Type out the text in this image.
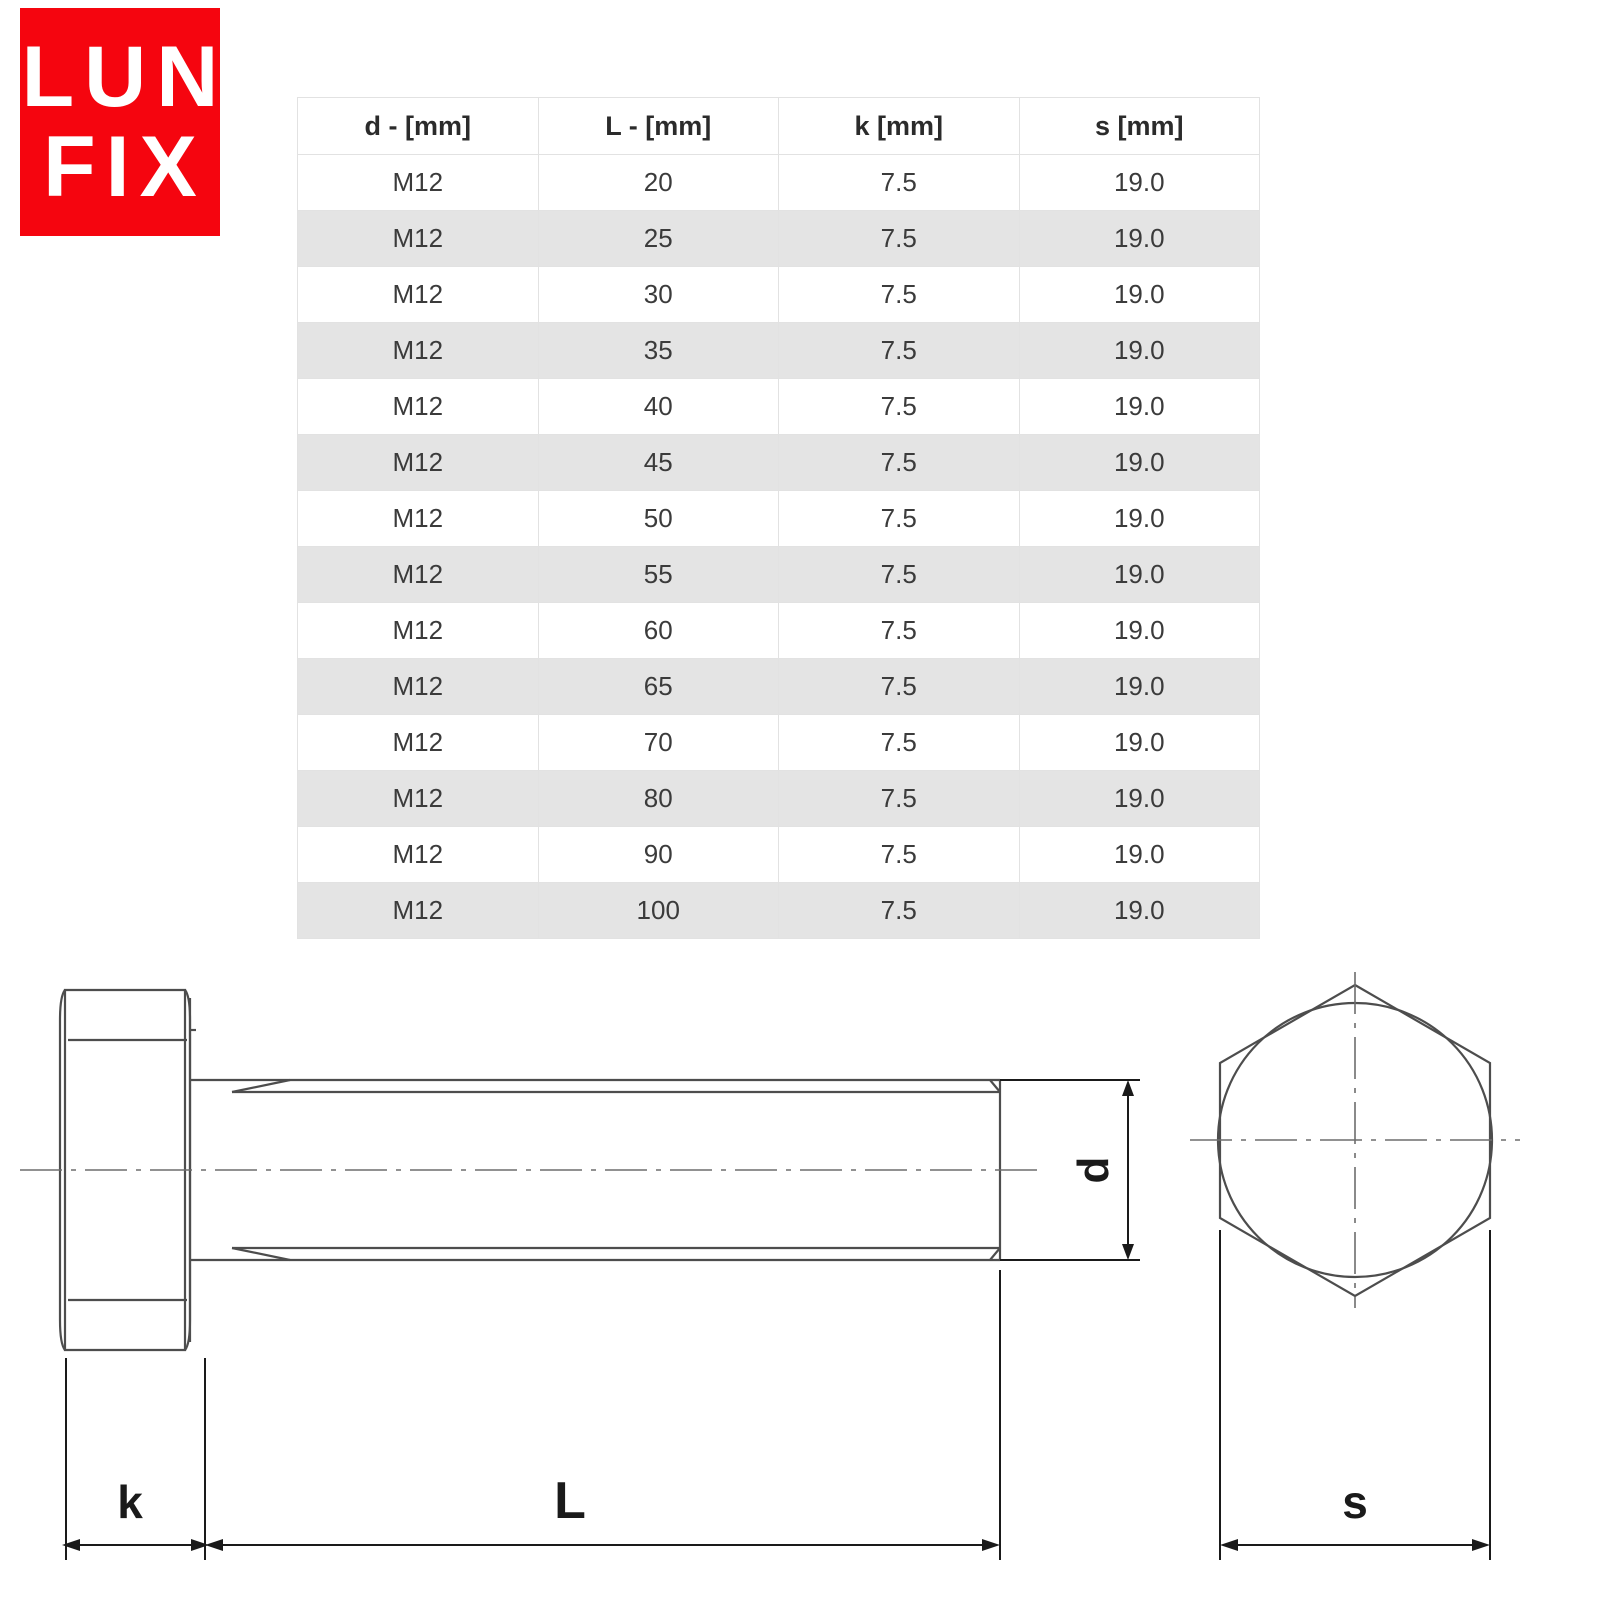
LUN
FIX	d - [mm]	L - [mm]	k [mm]	s [mm]
M12	20	7.5	19.0
M12	25	7.5	19.0
M12	30	7.5	19.0
M12	35	7.5	19.0
M12	40	7.5	19.0
M12	45	7.5	19.0
M12	50	7.5	19.0
M12	55	7.5	19.0
M12	60	7.5	19.0
M12	65	7.5	19.0
M12	70	7.5	19.0
M12	80	7.5	19.0
M12	90	7.5	19.0
M12	100	7.5	19.0
d
k	L	s
